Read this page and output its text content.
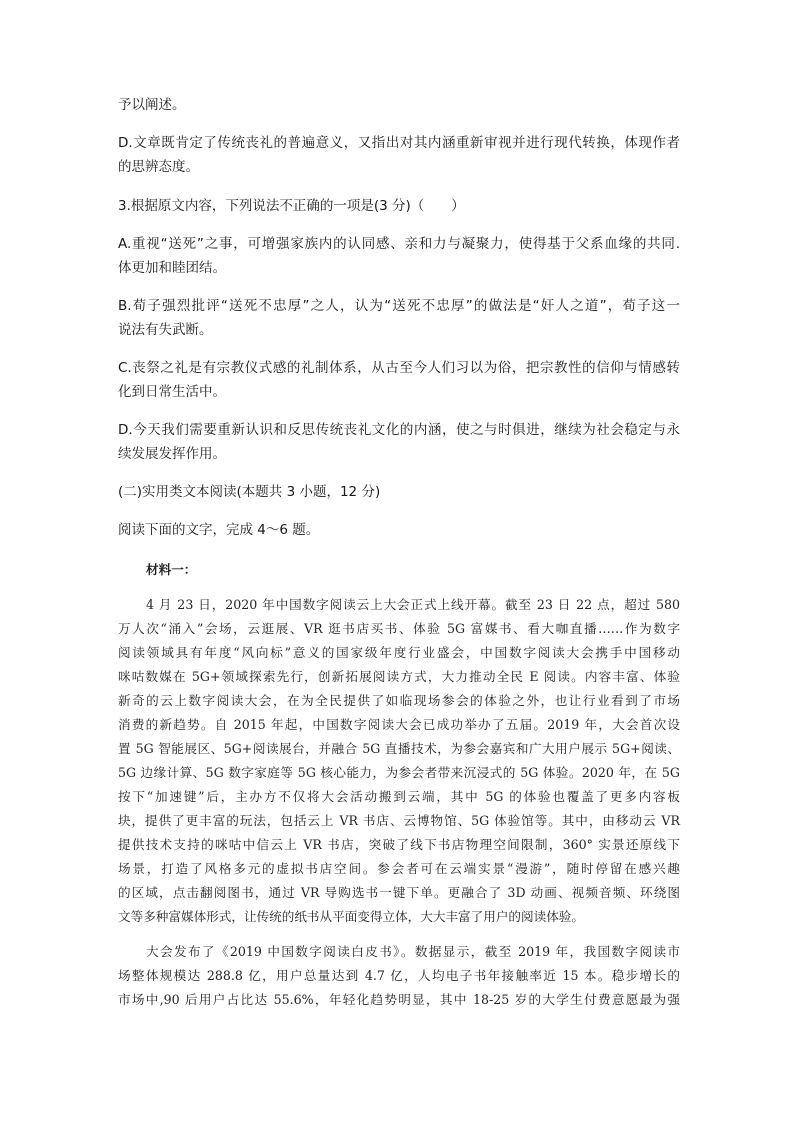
予以阐述。
D.文章既肯定了传统丧礼的普遍意义，又指出对其内涵重新审视并进行现代转换，体现作者
的思辨态度。
3.根据原文内容，下列说法不正确的一项是(3 分)（　　）
A.重视“送死”之事，可增强家族内的认同感、亲和力与凝聚力，使得基于父系血缘的共同.
体更加和睦团结。
B.荀子强烈批评“送死不忠厚”之人，认为“送死不忠厚”的做法是“奸人之道”，荀子这一
说法有失武断。
C.丧祭之礼是有宗教仪式感的礼制体系，从古至今人们习以为俗，把宗教性的信仰与情感转
化到日常生活中。
D.今天我们需要重新认识和反思传统丧礼文化的内涵，使之与时俱进，继续为社会稳定与永
续发展发挥作用。
(二)实用类文本阅读(本题共 3 小题，12 分)
阅读下面的文字，完成 4～6 题。
材料一：
4 月 23 日，2020 年中国数字阅读云上大会正式上线开幕。截至 23 日 22 点，超过 580
万人次“涌入”会场，云逛展、VR 逛书店买书、体验 5G 富媒书、看大咖直播……作为数字
阅读领域具有年度“风向标”意义的国家级年度行业盛会，中国数字阅读大会携手中国移动
咪咕数媒在 5G+领域探索先行，创新拓展阅读方式，大力推动全民 E 阅读。内容丰富、体验
新奇的云上数字阅读大会，在为全民提供了如临现场参会的体验之外，也让行业看到了市场
消费的新趋势。自 2015 年起，中国数字阅读大会已成功举办了五届。2019 年，大会首次设
置 5G 智能展区、5G+阅读展台，并融合 5G 直播技术，为参会嘉宾和广大用户展示 5G+阅读、
5G 边缘计算、5G 数字家庭等 5G 核心能力，为参会者带来沉浸式的 5G 体验。2020 年，在 5G
按下“加速键”后，主办方不仅将大会活动搬到云端，其中 5G 的体验也覆盖了更多内容板
块，提供了更丰富的玩法，包括云上 VR 书店、云博物馆、5G 体验馆等。其中，由移动云 VR
提供技术支持的咪咕中信云上 VR 书店，突破了线下书店物理空间限制，360° 实景还原线下
场景，打造了风格多元的虚拟书店空间。参会者可在云端实景“漫游”，随时停留在感兴趣
的区域，点击翻阅图书，通过 VR 导购选书一键下单。更融合了 3D 动画、视频音频、环绕图
文等多种富媒体形式，让传统的纸书从平面变得立体，大大丰富了用户的阅读体验。
大会发布了《2019 中国数字阅读白皮书》。数据显示，截至 2019 年，我国数字阅读市
场整体规模达 288.8 亿，用户总量达到 4.7 亿，人均电子书年接触率近 15 本。稳步增长的
市场中,90 后用户占比达 55.6%，年轻化趋势明显，其中 18-25 岁的大学生付费意愿最为强
